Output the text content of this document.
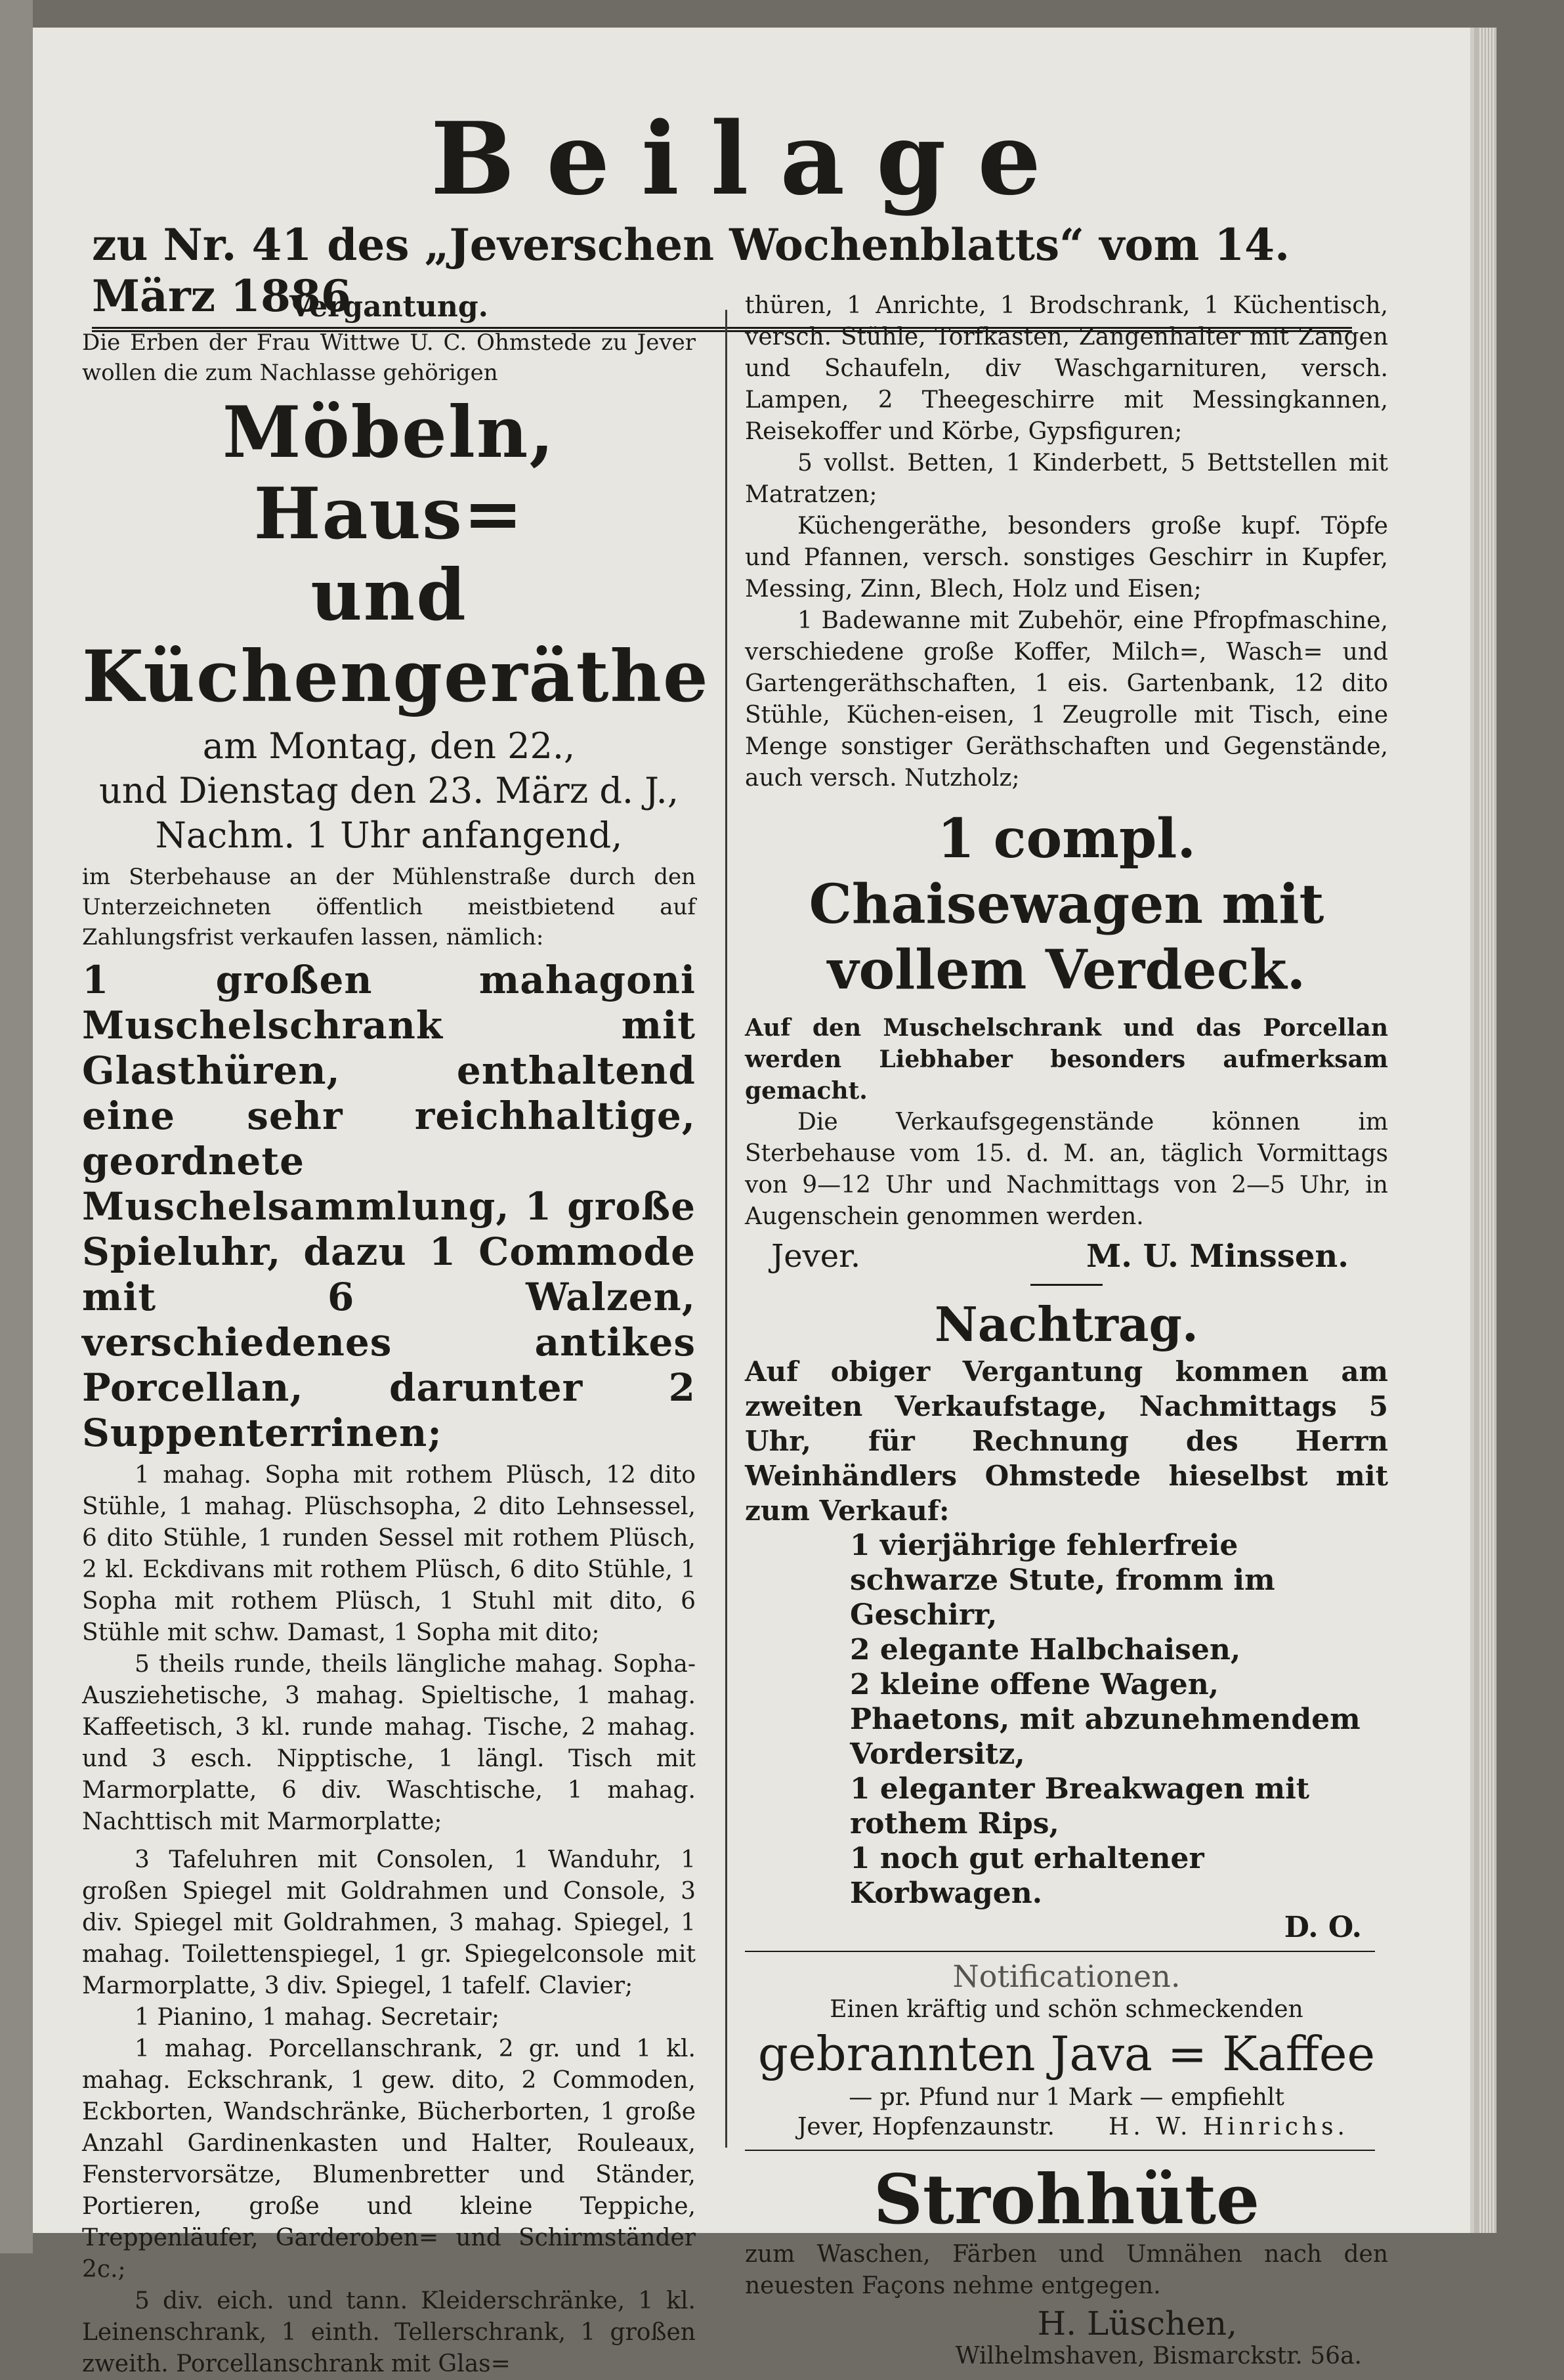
Beilage
zu Nr. 41 des „Jeverschen Wochenblatts“ vom 14. März 1886

Vergantung.

Die Erben der Frau Wittwe U. C. Ohmstede zu Jever wollen die zum Nachlasse gehörigen

Möbeln, Haus=

und Küchengeräthe

am Montag, den 22.,

und Dienstag den 23. März d. J.,

Nachm. 1 Uhr anfangend,

im Sterbehause an der Mühlenstraße durch den Unterzeichneten öffentlich meistbietend auf Zahlungsfrist verkaufen lassen, nämlich:

1 großen mahagoni Muschelschrank mit Glasthüren, enthaltend eine sehr reichhaltige, geordnete Muschelsammlung, 1 große Spieluhr, dazu 1 Commode mit 6 Walzen, verschiedenes antikes Porcellan, darunter 2 Suppenterrinen;

1 mahag. Sopha mit rothem Plüsch, 12 dito Stühle, 1 mahag. Plüschsopha, 2 dito Lehnsessel, 6 dito Stühle, 1 runden Sessel mit rothem Plüsch, 2 kl. Eckdivans mit rothem Plüsch, 6 dito Stühle, 1 Sopha mit rothem Plüsch, 1 Stuhl mit dito, 6 Stühle mit schw. Damast, 1 Sopha mit dito;

5 theils runde, theils längliche mahag. Sopha-Ausziehetische, 3 mahag. Spieltische, 1 mahag. Kaffeetisch, 3 kl. runde mahag. Tische, 2 mahag. und 3 esch. Nipptische, 1 längl. Tisch mit Marmorplatte, 6 div. Waschtische, 1 mahag. Nachttisch mit Marmorplatte;

3 Tafeluhren mit Consolen, 1 Wanduhr, 1 großen Spiegel mit Goldrahmen und Console, 3 div. Spiegel mit Goldrahmen, 3 mahag. Spiegel, 1 mahag. Toilettenspiegel, 1 gr. Spiegelconsole mit Marmorplatte, 3 div. Spiegel, 1 tafelf. Clavier;

1 Pianino, 1 mahag. Secretair;

1 mahag. Porcellanschrank, 2 gr. und 1 kl. mahag. Eckschrank, 1 gew. dito, 2 Commoden, Eckborten, Wandschränke, Bücherborten, 1 große Anzahl Gardinenkasten und Halter, Rouleaux, Fenstervorsätze, Blumenbretter und Ständer, Portieren, große und kleine Teppiche, Treppenläufer, Garderoben= und Schirmständer 2c.;

5 div. eich. und tann. Kleiderschränke, 1 kl. Leinenschrank, 1 einth. Tellerschrank, 1 großen zweith. Porcellanschrank mit Glas=

thüren, 1 Anrichte, 1 Brodschrank, 1 Küchentisch, versch. Stühle, Torfkasten, Zangenhalter mit Zangen und Schaufeln, div Waschgarnituren, versch. Lampen, 2 Theegeschirre mit Messingkannen, Reisekoffer und Körbe, Gypsfiguren;

5 vollst. Betten, 1 Kinderbett, 5 Bettstellen mit Matratzen;

Küchengeräthe, besonders große kupf. Töpfe und Pfannen, versch. sonstiges Geschirr in Kupfer, Messing, Zinn, Blech, Holz und Eisen;

1 Badewanne mit Zubehör, eine Pfropfmaschine, verschiedene große Koffer, Milch=, Wasch= und Gartengeräthschaften, 1 eis. Gartenbank, 12 dito Stühle, Küchen-eisen, 1 Zeugrolle mit Tisch, eine Menge sonstiger Geräthschaften und Gegenstände, auch versch. Nutzholz;

1 compl. Chaisewagen mit vollem Verdeck.

Auf den Muschelschrank und das Porcellan werden Liebhaber besonders aufmerksam gemacht.

Die Verkaufsgegenstände können im Sterbehause vom 15. d. M. an, täglich Vormittags von 9—12 Uhr und Nachmittags von 2—5 Uhr, in Augenschein genommen werden.

Jever.	M. U. Minssen.

Nachtrag.

Auf obiger Vergantung kommen am zweiten Verkaufstage, Nachmittags 5 Uhr, für Rechnung des Herrn Weinhändlers Ohmstede hieselbst mit zum Verkauf:

1 vierjährige fehlerfreie schwarze Stute, fromm im Geschirr,

2 elegante Halbchaisen,

2 kleine offene Wagen, Phaetons, mit abzunehmendem Vordersitz,

1 eleganter Breakwagen mit rothem Rips,

1 noch gut erhaltener Korbwagen.

D. O.

Notificationen.

Einen kräftig und schön schmeckenden

gebrannten Java = Kaffee

— pr. Pfund nur 1 Mark — empfiehlt

Jever, Hopfenzaunstr. H. W. Hinrichs.

Strohhüte

zum Waschen, Färben und Umnähen nach den neuesten Façons nehme entgegen.

H. Lüschen,

Wilhelmshaven, Bismarckstr. 56a.
